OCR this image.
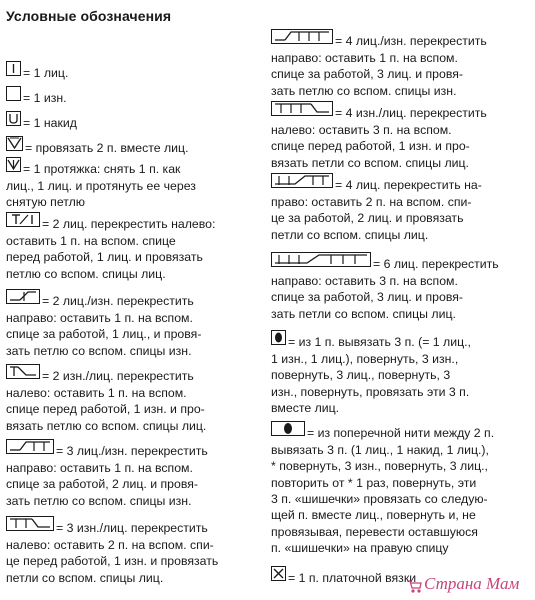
Условные обозначения

= 1 лиц.

= 1 изн.

= 1 накид

= провязать 2 п. вместе лиц.

= 1 протяжка: снять 1 п. как
лиц., 1 лиц. и протянуть ее через
снятую петлю

= 2 лиц. перекрестить налево:
оставить 1 п. на вспом. спице
перед работой, 1 лиц. и провязать
петлю со вспом. спицы лиц.

= 2 лиц./изн. перекрестить
направо: оставить 1 п. на вспом.
спице за работой, 1 лиц., и провя-
зать петлю со вспом. спицы изн.

= 2 изн./лиц. перекрестить
налево: оставить 1 п. на вспом.
спице перед работой, 1 изн. и про-
вязать петлю со вспом. спицы лиц.

= 3 лиц./изн. перекрестить
направо: оставить 1 п. на вспом.
спице за работой, 2 лиц. и провя-
зать петлю со вспом. спицы изн.

= 3 изн./лиц. перекрестить
налево: оставить 2 п. на вспом. спи-
це перед работой, 1 изн. и провязать
петли со вспом. спицы лиц.

= 4 лиц./изн. перекрестить
направо: оставить 1 п. на вспом.
спице за работой, 3 лиц. и провя-
зать петлю со вспом. спицы изн.

= 4 изн./лиц. перекрестить
налево: оставить 3 п. на вспом.
спице перед работой, 1 изн. и про-
вязать петли со вспом. спицы лиц.

= 4 лиц. перекрестить на-
право: оставить 2 п. на вспом. спи-
це за работой, 2 лиц. и провязать
петли со вспом. спицы лиц.

= 6 лиц. перекрестить
направо: оставить 3 п. на вспом.
спице за работой, 3 лиц. и провя-
зать петли со вспом. спицы лиц.

= из 1 п. вывязать 3 п. (= 1 лиц.,
1 изн., 1 лиц.), повернуть, 3 изн.,
повернуть, 3 лиц., повернуть, 3
изн., повернуть, провязать эти 3 п.
вместе лиц.

= из поперечной нити между 2 п.
вывязать 3 п. (1 лиц., 1 накид, 1 лиц.),
* повернуть, 3 изн., повернуть, 3 лиц.,
повторить от * 1 раз, повернуть, эти
3 п. «шишечки» провязать со следую-
щей п. вместе лиц., повернуть и, не
провязывая, перевести оставшуюся
п. «шишечки» на правую спицу

= 1 п. платочной вязки Страна Мам
